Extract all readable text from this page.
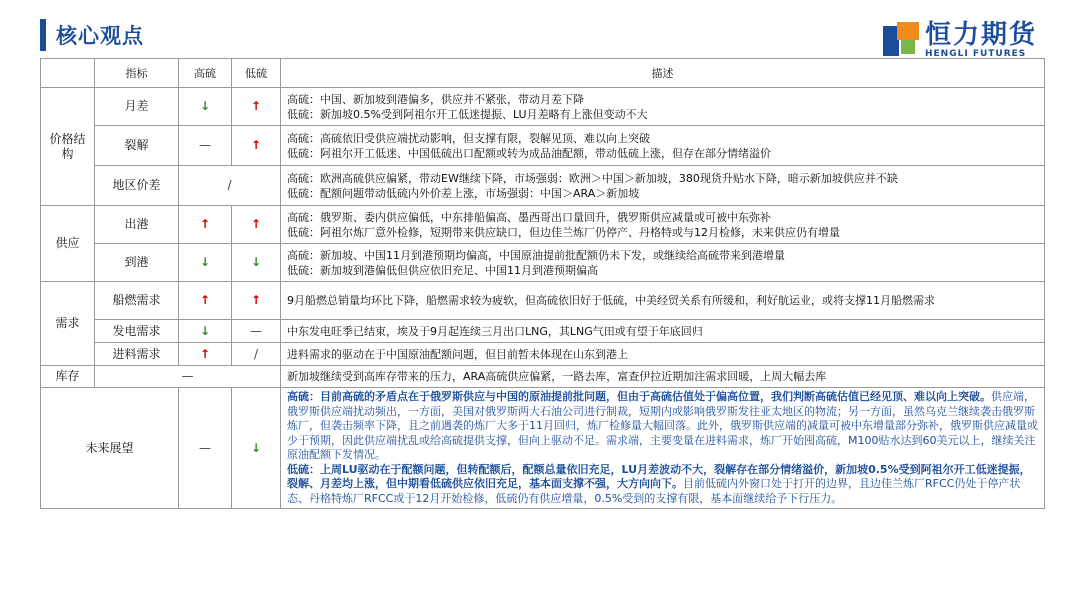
核心观点	恒力期货
HENGLI FUTURES
	指标	高硫	低硫	描述
价格结构	月差	↓	↑	高硫：中国、新加坡到港偏多，供应并不紧张，带动月差下降
低硫：新加坡0.5%受到阿祖尔开工低迷提振、LU月差略有上涨但变动不大

	裂解	—	↑	高硫：高硫依旧受供应端扰动影响，但支撑有限，裂解见顶、难以向上突破
低硫：阿祖尔开工低迷、中国低硫出口配额或转为成品油配额，带动低硫上涨，但存在部分情绪溢价

	地区价差	/		高硫：欧洲高硫供应偏紧，带动EW继续下降，市场强弱：欧洲＞中国＞新加坡，380现货升贴水下降，暗示新加坡供应并不缺
低硫：配额问题带动低硫内外价差上涨，市场强弱：中国＞ARA＞新加坡

供应	出港	↑	↑	高硫：俄罗斯、委内供应偏低，中东排船偏高、墨西哥出口量回升，俄罗斯供应减量或可被中东弥补
低硫：阿祖尔炼厂意外检修，短期带来供应缺口，但边佳兰炼厂仍停产、丹格特或与12月检修，未来供应仍有增量

	到港	↓	↓	高硫：新加坡、中国11月到港预期均偏高，中国原油提前批配额仍未下发，或继续给高硫带来到港增量
低硫：新加坡到港偏低但供应依旧充足、中国11月到港预期偏高

需求	船燃需求	↑	↑	9月船燃总销量均环比下降，船燃需求较为疲软，但高硫依旧好于低硫，中美经贸关系有所缓和，利好航运业，或将支撑11月船燃需求
	发电需求	↓	—	中东发电旺季已结束，埃及于9月起连续三月出口LNG，其LNG气田或有望于年底回归
	进料需求	↑	/	进料需求的驱动在于中国原油配额问题，但目前暂未体现在山东到港上
库存	—			新加坡继续受到高库存带来的压力，ARA高硫供应偏紧，一路去库，富查伊拉近期加注需求回暖，上周大幅去库
未来展望		—	↓	高硫：目前高硫的矛盾点在于俄罗斯供应与中国的原油提前批问题，但由于高硫估值处于偏高位置，我们判断高硫估值已经见顶、难以向上突破。供应端，俄罗斯供应端扰动频出，一方面，美国对俄罗斯两大石油公司进行制裁，短期内或影响俄罗斯发往亚太地区的物流；另一方面，虽然乌克兰继续袭击俄罗斯炼厂，但袭击频率下降，且之前遇袭的炼厂大多于11月回归，炼厂检修量大幅回落。此外，俄罗斯供应端的减量可被中东增量部分弥补，俄罗斯供应减量或少于预期，因此供应端扰乱或给高硫提供支撑，但向上驱动不足。需求端，主要变量在进料需求，炼厂开始囤高硫，M100贴水达到60美元以上，继续关注原油配额下发情况。
低硫：上周LU驱动在于配额问题，但转配额后，配额总量依旧充足，LU月差波动不大，裂解存在部分情绪溢价，新加坡0.5%受到阿祖尔开工低迷提振，裂解、月差均上涨，但中期看低硫供应依旧充足，基本面支撑不强，大方向向下。目前低硫内外窗口处于打开的边界，且边佳兰炼厂RFCC仍处于停产状态、丹格特炼厂RFCC或于12月开始检修，低硫仍有供应增量，0.5%受到的支撑有限，基本面继续给予下行压力。
